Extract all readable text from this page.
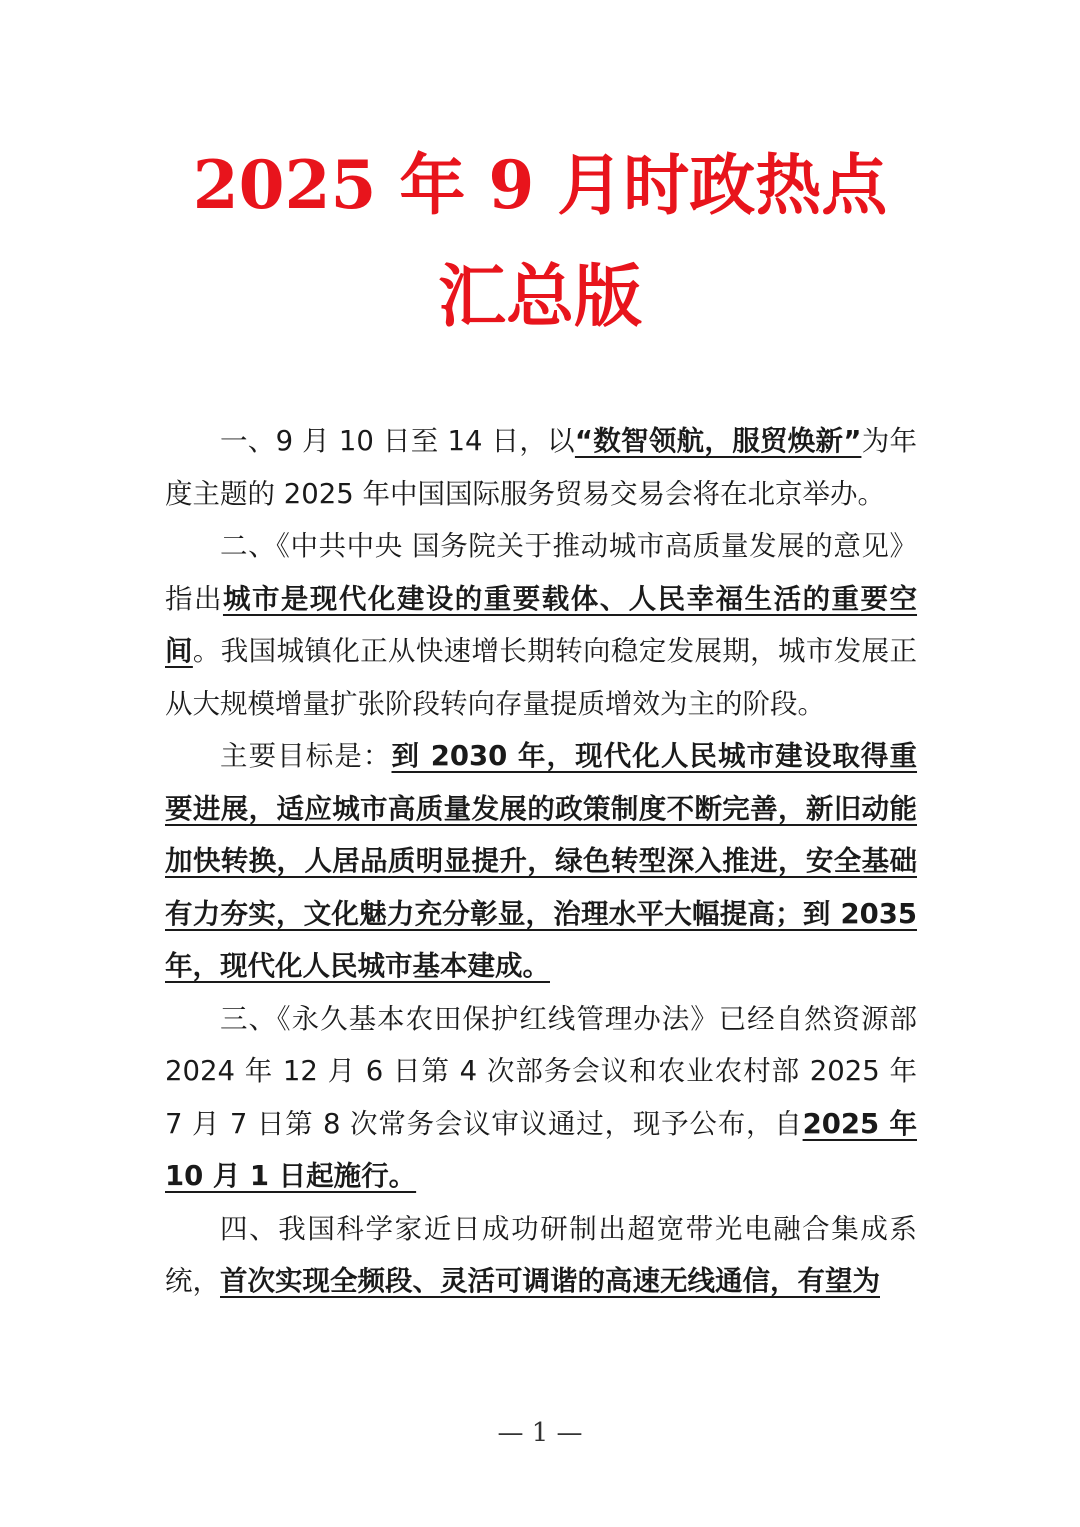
2025 年 9 月时政热点
汇总版

一、9 月 10 日至 14 日，以“数智领航，服贸焕新”为年度主题的 2025 年中国国际服务贸易交易会将在北京举办。

二、《中共中央 国务院关于推动城市高质量发展的意见》指出城市是现代化建设的重要载体、人民幸福生活的重要空间。我国城镇化正从快速增长期转向稳定发展期，城市发展正从大规模增量扩张阶段转向存量提质增效为主的阶段。

主要目标是：到 2030 年，现代化人民城市建设取得重要进展，适应城市高质量发展的政策制度不断完善，新旧动能加快转换，人居品质明显提升，绿色转型深入推进，安全基础有力夯实，文化魅力充分彰显，治理水平大幅提高；到 2035 年，现代化人民城市基本建成。

三、《永久基本农田保护红线管理办法》已经自然资源部 2024 年 12 月 6 日第 4 次部务会议和农业农村部 2025 年 7 月 7 日第 8 次常务会议审议通过，现予公布，自2025 年 10 月 1 日起施行。

四、我国科学家近日成功研制出超宽带光电融合集成系统，首次实现全频段、灵活可调谐的高速无线通信，有望为

— 1 —
